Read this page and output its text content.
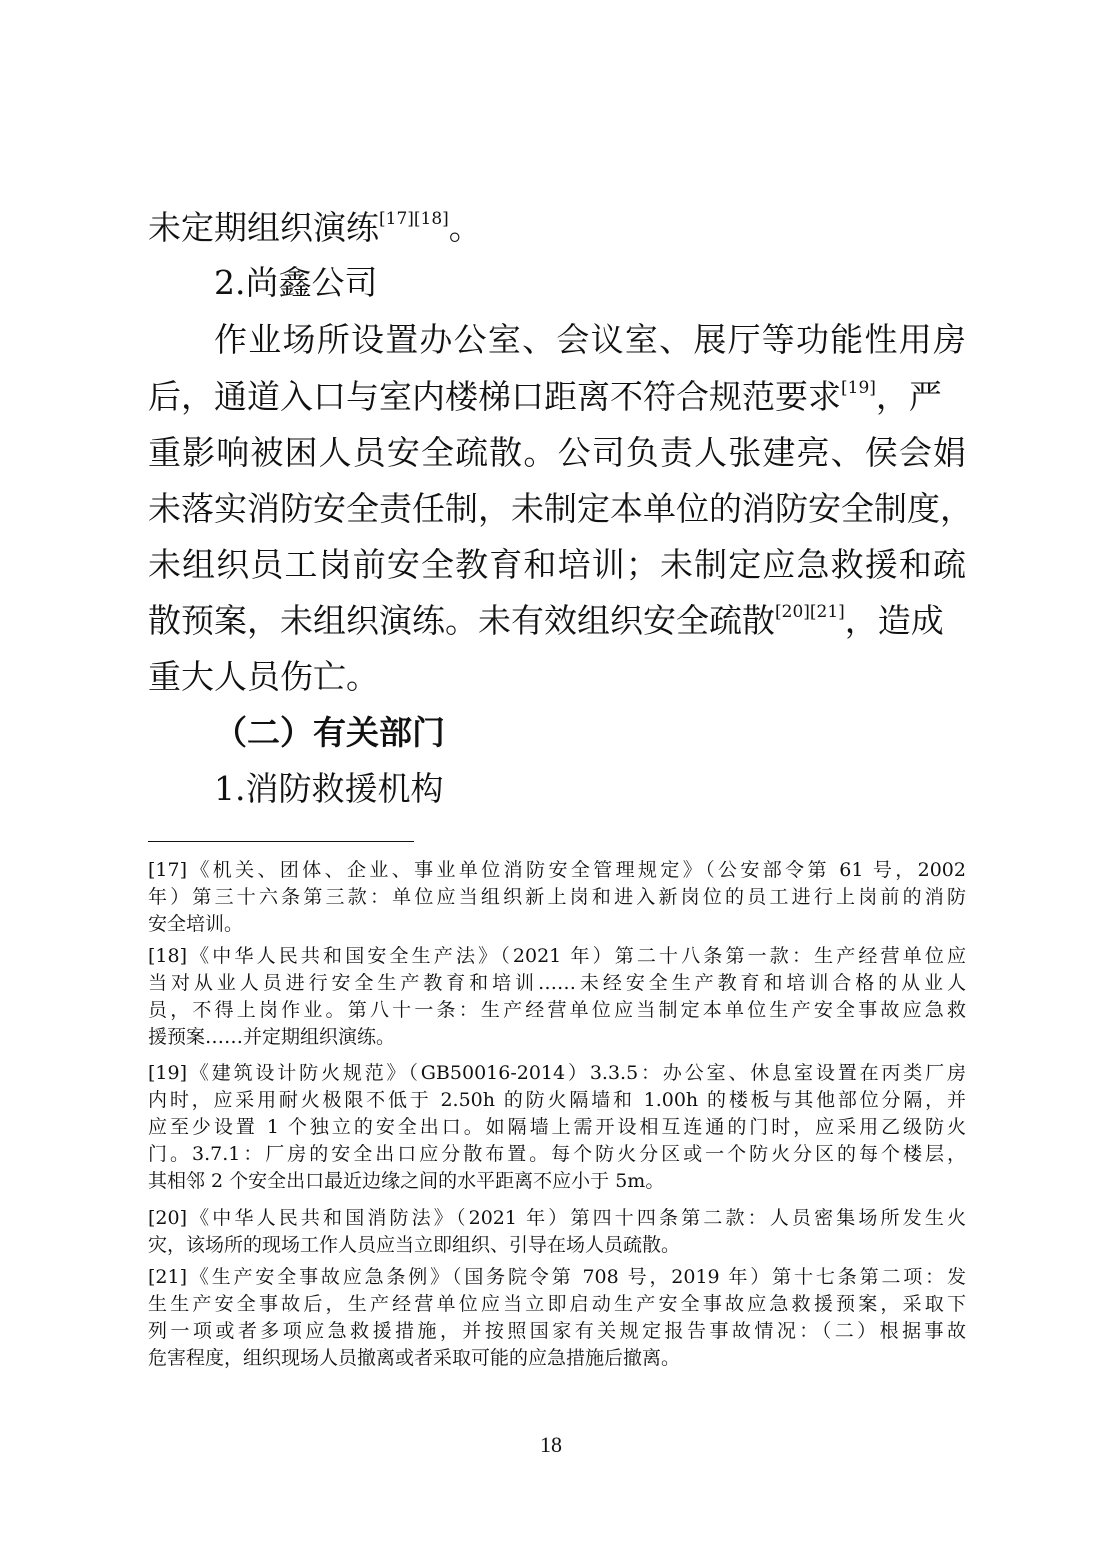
未定期组织演练[17][18]。

2.尚鑫公司

作业场所设置办公室、会议室、展厅等功能性用房

后，通道入口与室内楼梯口距离不符合规范要求[19]，严

重影响被困人员安全疏散。公司负责人张建亮、侯会娟

未落实消防安全责任制，未制定本单位的消防安全制度，

未组织员工岗前安全教育和培训；未制定应急救援和疏

散预案，未组织演练。未有效组织安全疏散[20][21]，造成

重大人员伤亡。

（二）有关部门

1.消防救援机构

[17]《机关、团体、企业、事业单位消防安全管理规定》（公安部令第 61 号，2002

年）第三十六条第三款：单位应当组织新上岗和进入新岗位的员工进行上岗前的消防

安全培训。

[18]《中华人民共和国安全生产法》（2021 年）第二十八条第一款：生产经营单位应

当对从业人员进行安全生产教育和培训……未经安全生产教育和培训合格的从业人

员，不得上岗作业。第八十一条：生产经营单位应当制定本单位生产安全事故应急救

援预案……并定期组织演练。

[19]《建筑设计防火规范》（GB50016-2014）3.3.5：办公室、休息室设置在丙类厂房

内时，应采用耐火极限不低于 2.50h 的防火隔墙和 1.00h 的楼板与其他部位分隔，并

应至少设置 1 个独立的安全出口。如隔墙上需开设相互连通的门时，应采用乙级防火

门。3.7.1：厂房的安全出口应分散布置。每个防火分区或一个防火分区的每个楼层，

其相邻 2 个安全出口最近边缘之间的水平距离不应小于 5m。

[20]《中华人民共和国消防法》（2021 年）第四十四条第二款：人员密集场所发生火

灾，该场所的现场工作人员应当立即组织、引导在场人员疏散。

[21]《生产安全事故应急条例》（国务院令第 708 号，2019 年）第十七条第二项：发

生生产安全事故后，生产经营单位应当立即启动生产安全事故应急救援预案，采取下

列一项或者多项应急救援措施，并按照国家有关规定报告事故情况：（二）根据事故

危害程度，组织现场人员撤离或者采取可能的应急措施后撤离。

18
